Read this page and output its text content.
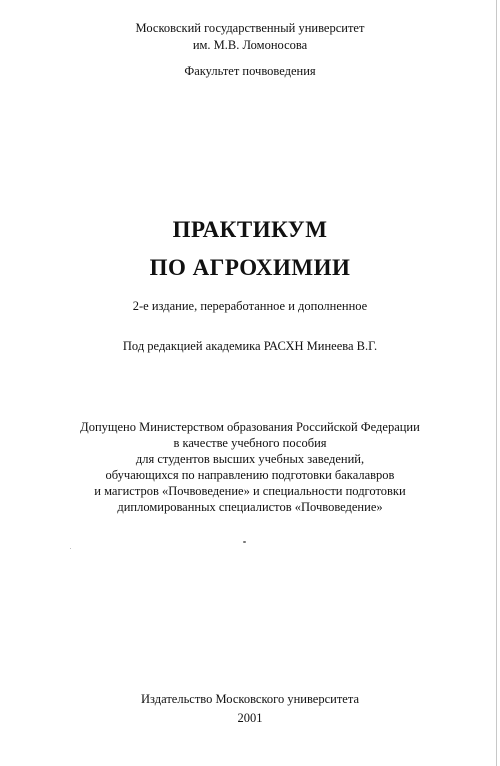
Московский государственный университет
им. М.В. Ломоносова
Факультет почвоведения
ПРАКТИКУМ
ПО АГРОХИМИИ
2-е издание, переработанное и дополненное
Под редакцией академика РАСХН Минеева В.Г.
Допущено Министерством образования Российской Федерации
в качестве учебного пособия
для студентов высших учебных заведений,
обучающихся по направлению подготовки бакалавров
и магистров «Почвоведение» и специальности подготовки
дипломированных специалистов «Почвоведение»
Издательство Московского университета
2001
